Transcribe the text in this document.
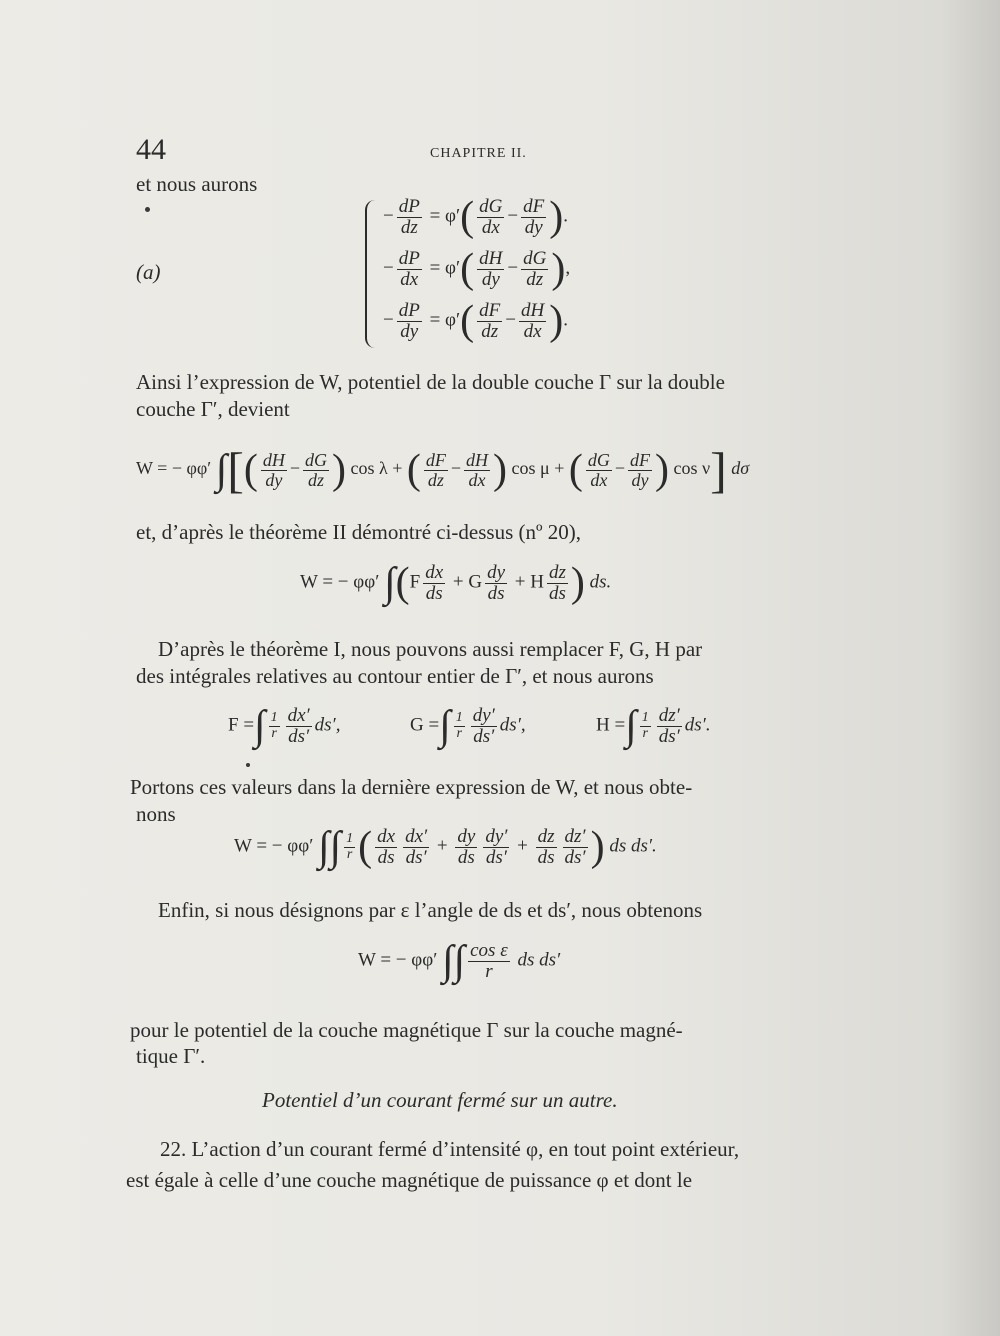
44	CHAPITRE II.
et nous aurons
(a)
− $\frac{dP}{dz} = \varphi'( \frac{dG}{dx} - \frac{dF}{dy}$ ).
− $\frac{dP}{dx} = \varphi'( \frac{dH}{dy} - \frac{dG}{dz}$ ),
− $\frac{dP}{dy} = \varphi'( \frac{dF}{dz} - \frac{dH}{dx}$ ).
Ainsi l’expression de W, potentiel de la double couche Γ sur la double
couche Γ′, devient
W = − φφ′ ∫[( $\frac{dH}{dy} - \frac{dG}{dz}$ ) cos λ + ( $\frac{dF}{dz} - \frac{dH}{dx}$ ) cos μ + ( $\frac{dG}{dx} - \frac{dF}{dy}$ ) cos ν] dσ
et, d’après le théorème II démontré ci-dessus (nº 20),
W = − φφ′ $\int(F \frac{dx}{ds} + G \frac{dy}{ds} + H \frac{dz}{ds}$ ) ds.
D’après le théorème I, nous pouvons aussi remplacer F, G, H par
des intégrales relatives au contour entier de Γ′, et nous aurons
F =∫ $\frac{1}{r} \frac{dx'}{ds'} ds'$,	G =∫ $\frac{1}{r} \frac{dy'}{ds'} ds'$,	H =∫ $\frac{1}{r} \frac{dz'}{ds'} ds'$.
Portons ces valeurs dans la dernière expression de W, et nous obte-
nons
W = − φφ′ ∫∫ $\frac{1}{r}$ ( $\frac{dx}{ds} \frac{dx'}{ds'} + \frac{dy}{ds} \frac{dy'}{ds'} + \frac{dz}{ds} \frac{dz'}{ds'}$ ) ds ds′.
Enfin, si nous désignons par ε l’angle de ds et ds′, nous obtenons
W = − φφ′ ∫∫ $\frac{\text{cos ε}}{r}$ ds ds′
pour le potentiel de la couche magnétique Γ sur la couche magné-
tique Γ′.
Potentiel d’un courant fermé sur un autre.
22. L’action d’un courant fermé d’intensité φ, en tout point extérieur,
est égale à celle d’une couche magnétique de puissance φ et dont le
